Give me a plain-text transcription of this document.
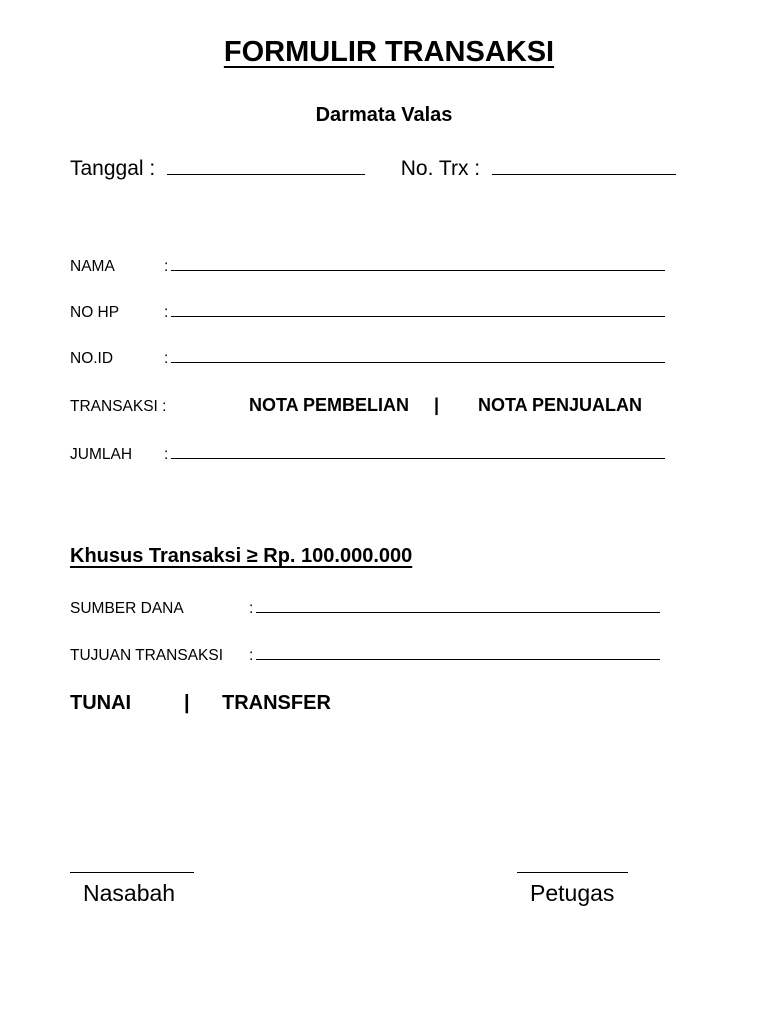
FORMULIR TRANSAKSI
Darmata Valas
Tanggal :	No. Trx :
NAMA	:
NO HP	:
NO.ID	:
TRANSAKSI :	NOTA PEMBELIAN | NOTA PENJUALAN
JUMLAH :
Khusus Transaksi ≥ Rp. 100.000.000
SUMBER DANA	:
TUJUAN TRANSAKSI :
TUNAI	| TRANSFER
Nasabah	Petugas
